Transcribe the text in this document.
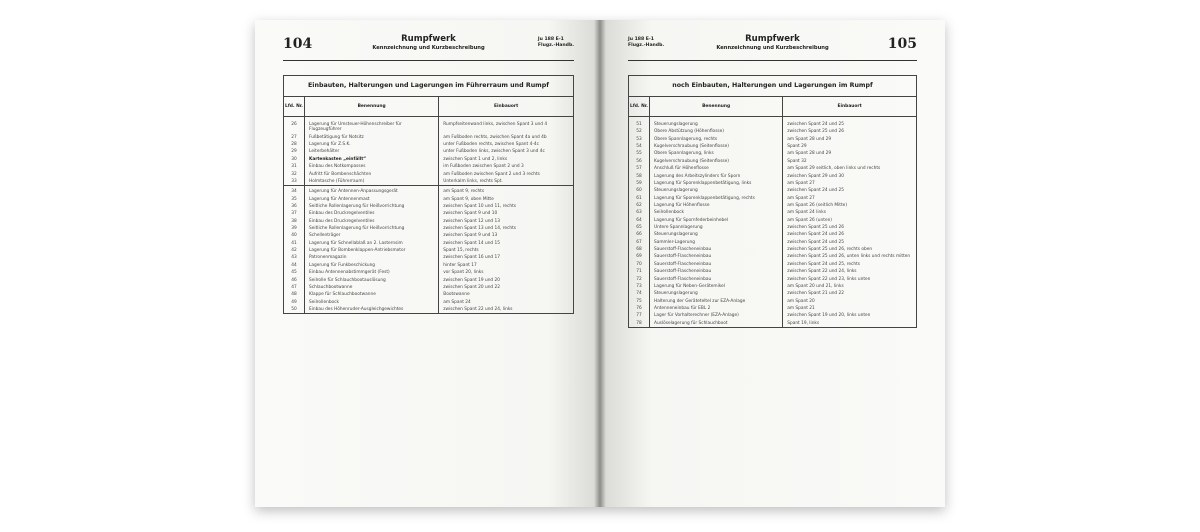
104	Rumpfwerk
Kennzeichnung und Kurzbeschreibung
Ju 188 E-1
Flugz.-Handb.
Einbauten, Halterungen und Lagerungen im Führerraum und Rumpf
Lfd. Nr.	Benennung	Einbauort
26	Lagerung für Umsteuer-Höhenschreiber für Flugzeugführer	Rumpfseitenwand links, zwischen Spant 3 und 4
27	Fußbetätigung für Notsitz	am Fußboden rechts, zwischen Spant 4a und 4b
28	Lagerung für Z.S.K.	unter Fußboden rechts, zwischen Spant 4-4c
29	Leiterbehälter	unter Fußboden links, zwischen Spant 3 und 4c
30	Kartenkasten „einfällt“	zwischen Spant 1 und 2, links
31	Einbau des Notkompasses	im Fußboden zwischen Spant 2 und 3
32	Aufritt für Bombenschächten	am Fußboden zwischen Spant 2 und 3 rechts
33	Holmtasche (Führerraum)	Unterkalm links, rechts Spt.
34	Lagerung für Antennen-Anpassungsgerät	am Spant 9, rechts
35	Lagerung für Antennenmast	am Spant 9, oben Mitte
36	Seitliche Rollenlagerung für Heißvorrichtung	zwischen Spant 10 und 11, rechts
37	Einbau des Druckregelventiles	zwischen Spant 9 und 10
38	Einbau des Druckregelventiles	zwischen Spant 12 und 13
39	Seitliche Rollenlagerung für Heißvorrichtung	zwischen Spant 13 und 14, rechts
40	Schellenträger	zwischen Spant 9 und 13
41	Lagerung für Schnellablaß an 2. Lasternsim	zwischen Spant 14 und 15
42	Lagerung für Bombenklappen-Antriebsmotor	Spant 15, rechts
43	Patronenmagazin	zwischen Spant 16 und 17
44	Lagerung für Funkbeschickung	hinter Spant 17
45	Einbau Antennenabstimmgerät (Fest)	vor Spant 20, links
46	Seilrolle für Schlauchbootauslösung	zwischen Spant 19 und 20
47	Schlauchbootwanne	zwischen Spant 20 und 22
48	Klappe für Schlauchbootwanne	Bootswanne
49	Seilrollenbock	am Spant 24
50	Einbau des Höhenruder-Ausgleichgewichtes	zwischen Spant 22 und 24, links
Ju 188 E-1
Flugz.-Handb.
Rumpfwerk
Kennzeichnung und Kurzbeschreibung	105
noch Einbauten, Halterungen und Lagerungen im Rumpf
Lfd. Nr.	Benennung	Einbauort
51	Steuerungslagerung	zwischen Spant 24 und 25
52	Obere Abstützung (Höhenflosse)	zwischen Spant 25 und 26
53	Obere Spannlagerung, rechts	am Spant 28 und 29
54	Kugelverschraubung (Seitenflosse)	Spant 29
55	Obere Spannlagerung, links	am Spant 28 und 29
56	Kugelverschraubung (Seitenflosse)	Spant 32
57	Anschluß für Höhenflosse	am Spant 29 seitlich, oben links und rechts
58	Lagerung des Arbeitszylinders für Sporn	zwischen Spant 29 und 30
59	Lagerung für Sporenklappenbetätigung, links	am Spant 27
60	Steuerungslagerung	zwischen Spant 24 und 25
61	Lagerung für Sporenklappenbetätigung, rechts	am Spant 27
62	Lagerung für Höhenflosse	am Spant 26 (seitlich Mitte)
63	Seilrollenbock	am Spant 24 links
64	Lagerung für Spornfederbeinhebel	am Spant 26 (unten)
65	Untere Spannlagerung	zwischen Spant 25 und 26
66	Steuerungslagerung	zwischen Spant 24 und 26
67	Sammler-Lagerung	zwischen Spant 24 und 25
68	Sauerstoff-Flascheneinbau	zwischen Spant 25 und 26, rechts oben
69	Sauerstoff-Flascheneinbau	zwischen Spant 25 und 26, unten links und rechts mitten
70	Sauerstoff-Flascheneinbau	zwischen Spant 24 und 25, rechts
71	Sauerstoff-Flascheneinbau	zwischen Spant 22 und 24, links
72	Sauerstoff-Flascheneinbau	zwischen Spant 22 und 23, links unten
73	Lagerung für Neben-Gerätemikel	am Spant 20 und 21, links
74	Steuerungslagerung	zwischen Spant 21 und 22
75	Halterung der Geräteteltel zur EZA-Anlage	am Spant 20
76	Antenneneinbau für EBL 2	am Spant 21
77	Lager für Vorhalterechner (EZA-Anlage)	zwischen Spant 19 und 20, links unten
78	Auslöselagerung für Schlauchboot	Spant 19, links
